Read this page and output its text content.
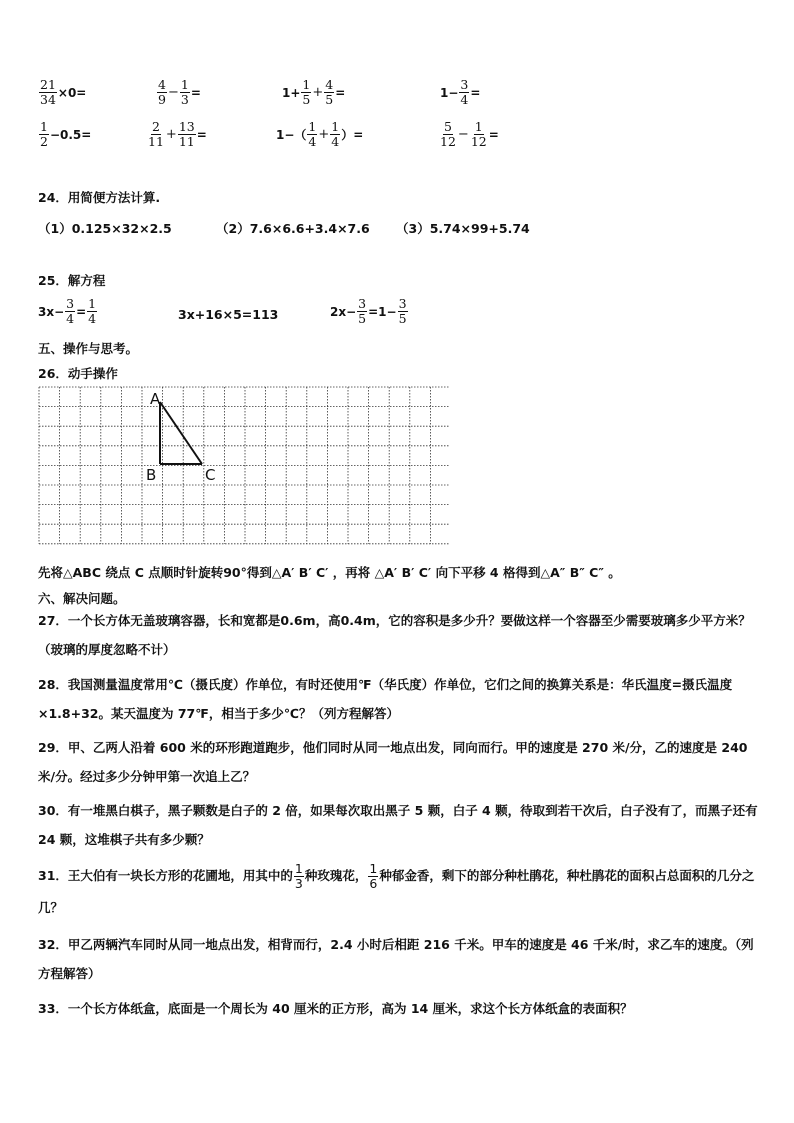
$\frac{21}{34} \times 0=$	$\frac{4}{9} - \frac{1}{3}$ =	$1+ \frac{1}{5} + \frac{4}{5}$ =	$1- \frac{3}{4}$ =
$\frac{1}{2} -0.5=$	$\frac{2}{11} + \frac{13}{11}$ =	$1-( \frac{1}{4} + \frac{1}{4}$ ）=	$\frac{5}{12} - \frac{1}{12}$ =
24．用简便方法计算.
（1）0.125×32×2.5	（2）7.6×6.6+3.4×7.6 （3）5.74×99+5.74
25．解方程
$3x- \frac{3}{4} = \frac{1}{4}$	3x+16×5=113	$2x- \frac{3}{5} =1- \frac{3}{5}$
五、操作与思考。
26．动手操作
A
B	C
先将△ABC 绕点 C 点顺时针旋转90°得到△A′ B′ C′ ，再将 △A′ B′ C′ 向下平移 4 格得到△A″ B″ C″ 。
六、解决问题。
27．一个长方体无盖玻璃容器，长和宽都是0.6m，高0.4m，它的容积是多少升？要做这样一个容器至少需要玻璃多少平方米？（玻璃的厚度忽略不计）
28．我国测量温度常用℃（摄氏度）作单位，有时还使用℉（华氏度）作单位，它们之间的换算关系是：华氏温度=摄氏温度×1.8+32。某天温度为 77℉，相当于多少℃？（列方程解答）
29．甲、乙两人沿着 600 米的环形跑道跑步，他们同时从同一地点出发，同向而行。甲的速度是 270 米/分，乙的速度是 240 米/分。经过多少分钟甲第一次追上乙？
30．有一堆黑白棋子，黑子颗数是白子的 2 倍，如果每次取出黑子 5 颗，白子 4 颗，待取到若干次后，白子没有了，而黑子还有 24 颗，这堆棋子共有多少颗？
31．王大伯有一块长方形的花圃地，用其中的 $\frac{1}{3}$ 种玫瑰花， $\frac{1}{6}$ 种郁金香，剩下的部分种杜鹃花，种杜鹃花的面积占总面积的几分之几？
32．甲乙两辆汽车同时从同一地点出发，相背而行，2.4 小时后相距 216 千米。甲车的速度是 46 千米/时，求乙车的速度。（列方程解答）
33．一个长方体纸盒，底面是一个周长为 40 厘米的正方形，高为 14 厘米，求这个长方体纸盒的表面积？
